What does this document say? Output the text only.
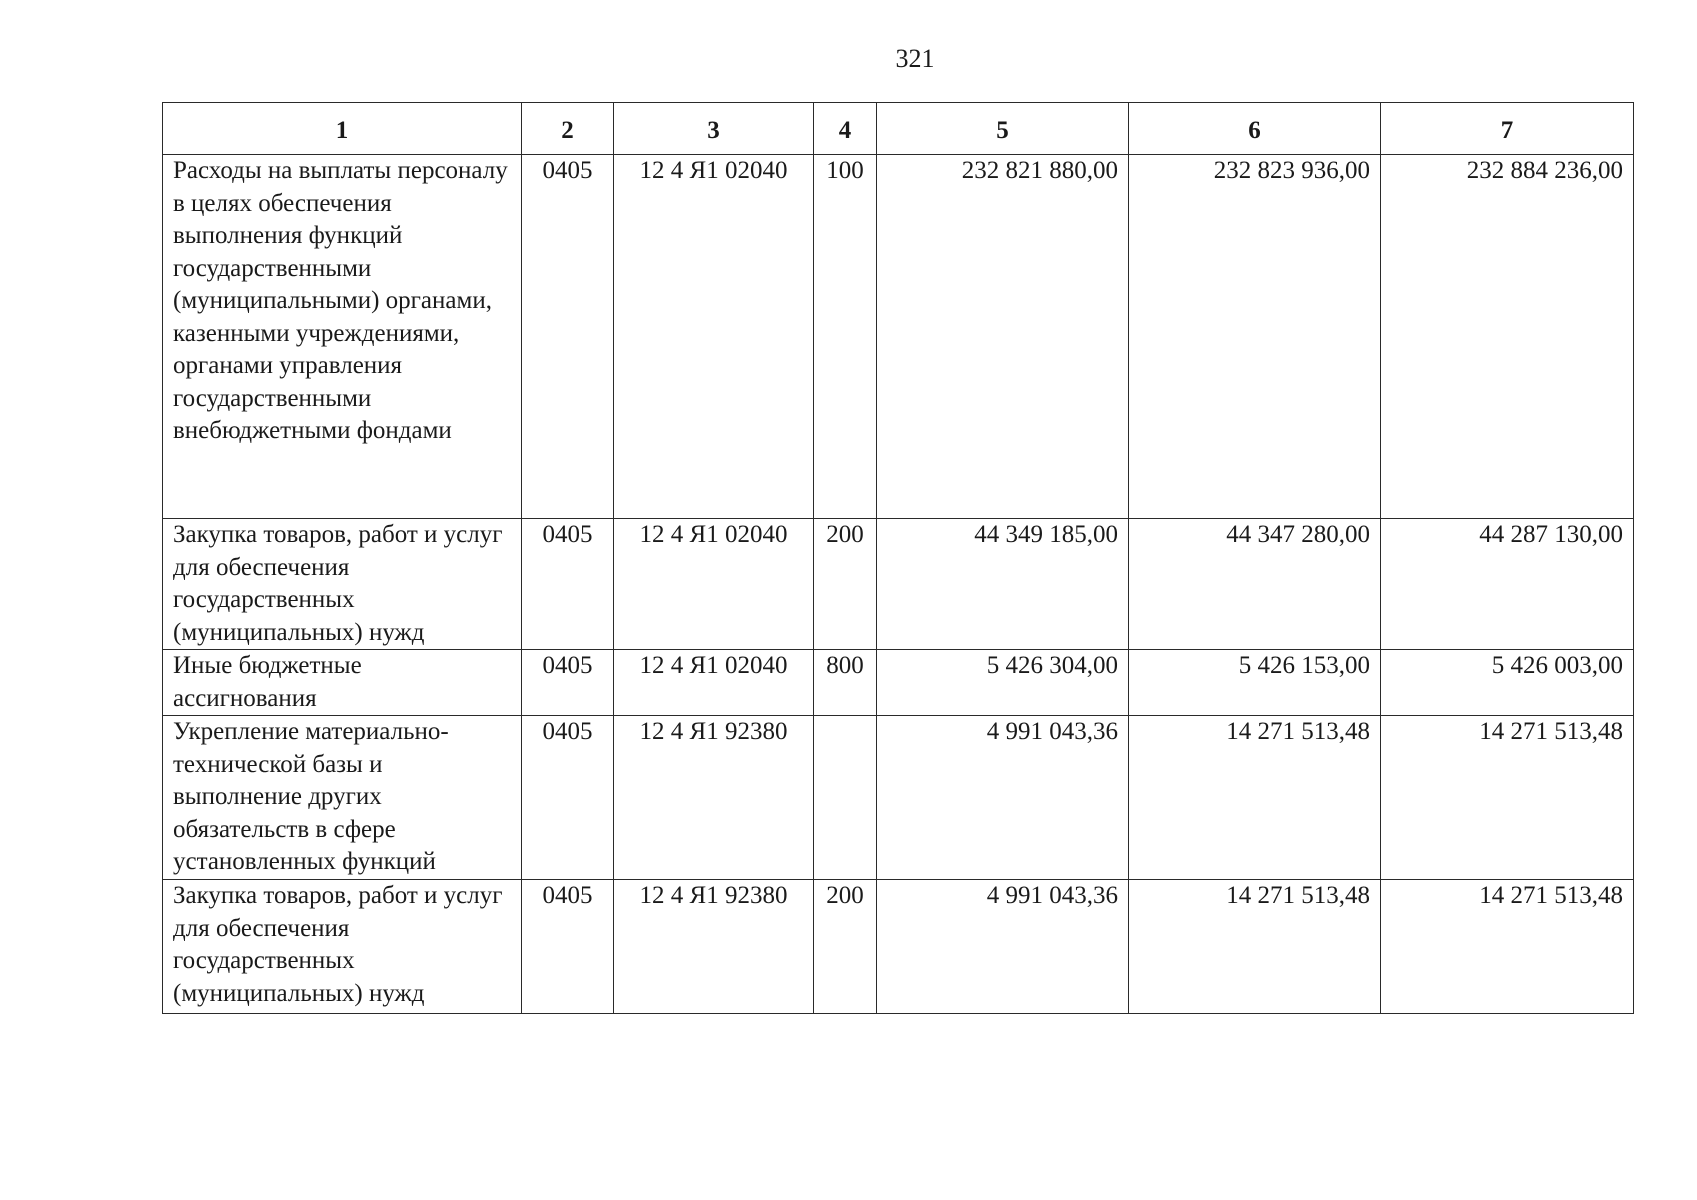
321
1	2	3	4	5	6	7
Расходы на выплаты персоналу в целях обеспечения выполнения функций государственными (муниципальными) органами, казенными учреждениями, органами управления государственными внебюджетными фондами	0405	12 4 Я1 02040	100	232 821 880,00	232 823 936,00	232 884 236,00
Закупка товаров, работ и услуг для обеспечения государственных (муниципальных) нужд	0405	12 4 Я1 02040	200	44 349 185,00	44 347 280,00	44 287 130,00
Иные бюджетные ассигнования	0405	12 4 Я1 02040	800	5 426 304,00	5 426 153,00	5 426 003,00
Укрепление материально-технической базы и выполнение других обязательств в сфере установленных функций	0405	12 4 Я1 92380		4 991 043,36	14 271 513,48	14 271 513,48
Закупка товаров, работ и услуг для обеспечения государственных (муниципальных) нужд	0405	12 4 Я1 92380	200	4 991 043,36	14 271 513,48	14 271 513,48
